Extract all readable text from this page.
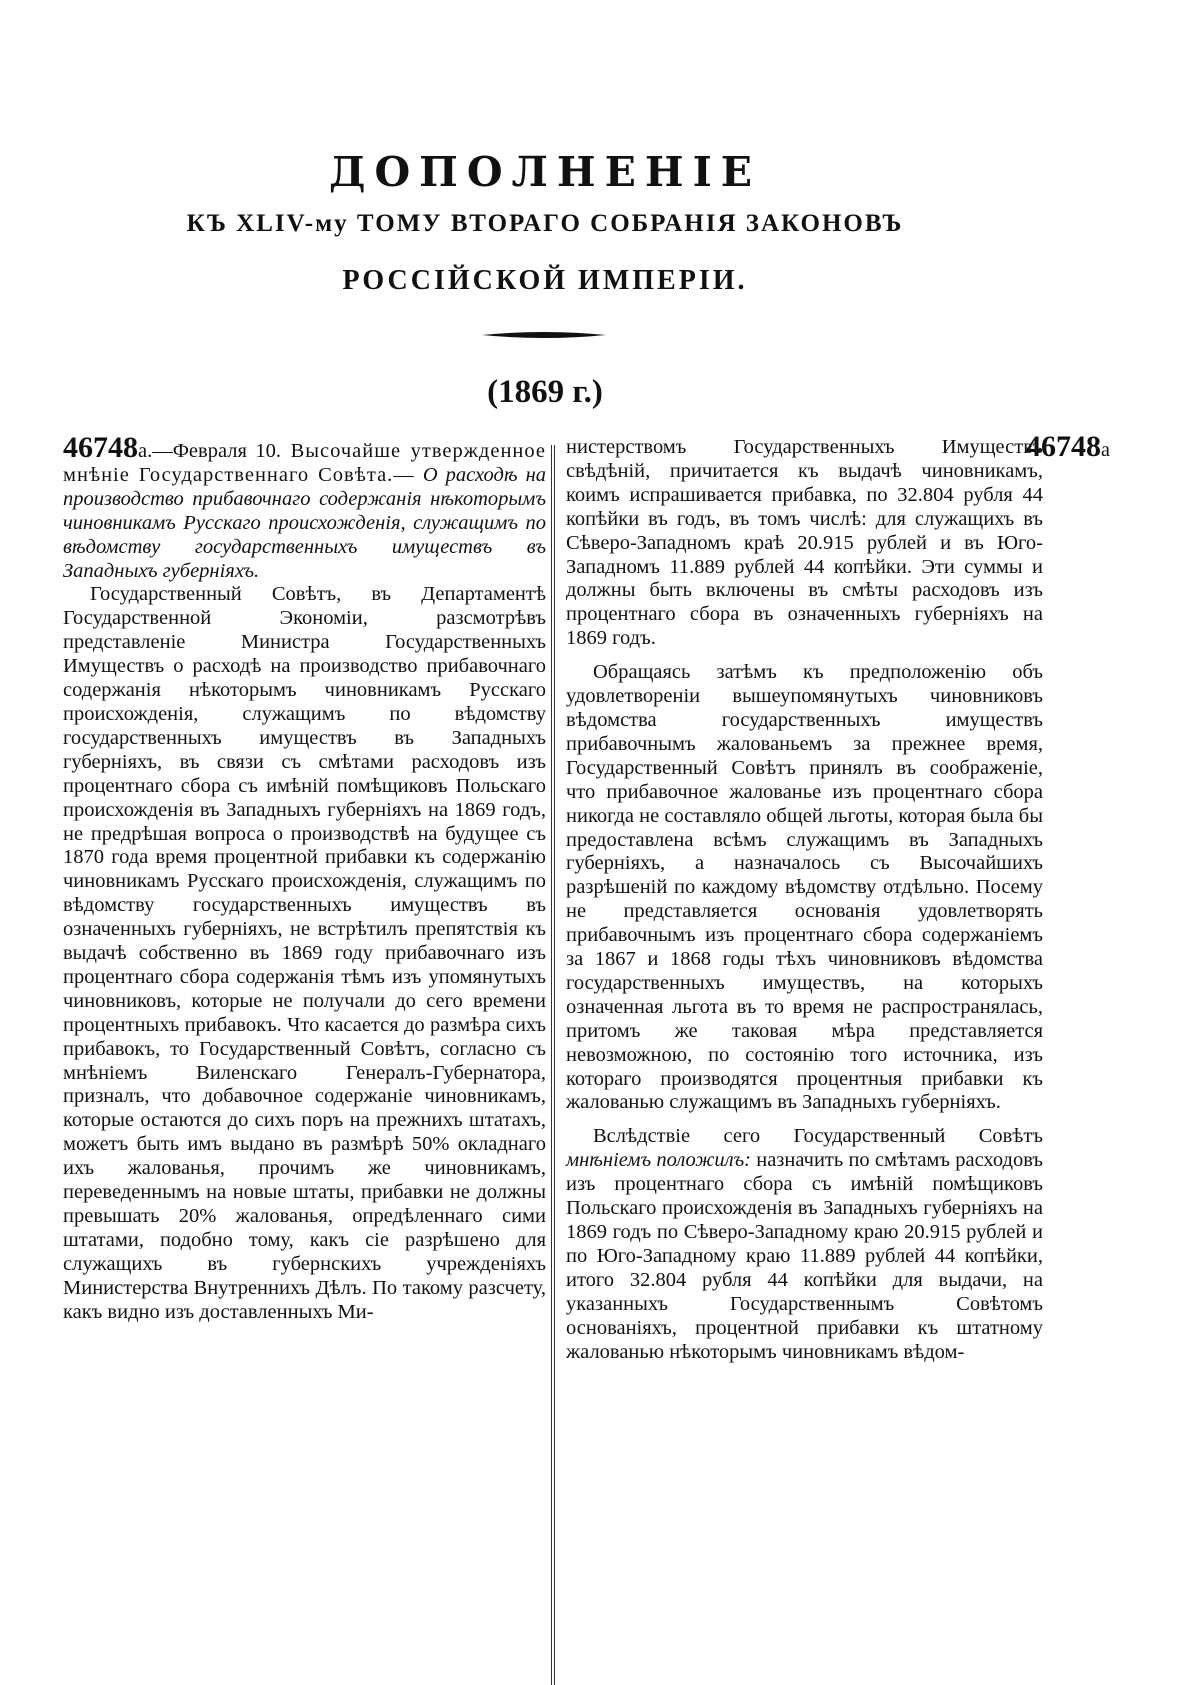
ДОПОЛНЕНІЕ
КЪ XLIV-му ТОМУ ВТОРАГО СОБРАНІЯ ЗАКОНОВЪ
РОССІЙСКОЙ ИМПЕРІИ.
(1869 г.)
46748а

46748а.—Февраля 10. Высочайше утвержденное мнѣніе Государственнаго Совѣта.— О расходѣ на производство прибавочнаго содержанія нѣкоторымъ чиновникамъ Русскаго происхожденія, служащимъ по вѣдомству государственныхъ имуществъ въ Западныхъ губерніяхъ.

Государственный Совѣтъ, въ Департаментѣ Государственной Экономіи, разсмотрѣвъ представленіе Министра Государственныхъ Имуществъ о расходѣ на производство прибавочнаго содержанія нѣкоторымъ чиновникамъ Русскаго происхожденія, служащимъ по вѣдомству государственныхъ имуществъ въ Западныхъ губерніяхъ, въ связи съ смѣтами расходовъ изъ процентнаго сбора съ имѣній помѣщиковъ Польскаго происхожденія въ Западныхъ губерніяхъ на 1869 годъ, не предрѣшая вопроса о производствѣ на будущее съ 1870 года время процентной прибавки къ содержанію чиновникамъ Русскаго происхожденія, служащимъ по вѣдомству государственныхъ имуществъ въ означенныхъ губерніяхъ, не встрѣтилъ препятствія къ выдачѣ собственно въ 1869 году прибавочнаго изъ процентнаго сбора содержанія тѣмъ изъ упомянутыхъ чиновниковъ, которые не получали до сего времени процентныхъ прибавокъ. Что касается до размѣра сихъ прибавокъ, то Государственный Совѣтъ, согласно съ мнѣніемъ Виленскаго Генералъ-Губернатора, призналъ, что добавочное содержаніе чиновникамъ, которые остаются до сихъ поръ на прежнихъ штатахъ, можетъ быть имъ выдано въ размѣрѣ 50% окладнаго ихъ жалованья, прочимъ же чиновникамъ, переведеннымъ на новые штаты, прибавки не должны превышать 20% жалованья, опредѣленнаго сими штатами, подобно тому, какъ сіе разрѣшено для служащихъ въ губернскихъ учрежденіяхъ Министерства Внутреннихъ Дѣлъ. По такому разсчету, какъ видно изъ доставленныхъ Ми-

нистерствомъ Государственныхъ Имуществъ свѣдѣній, причитается къ выдачѣ чиновникамъ, коимъ испрашивается прибавка, по 32.804 рубля 44 копѣйки въ годъ, въ томъ числѣ: для служащихъ въ Сѣверо-Западномъ краѣ 20.915 рублей и въ Юго-Западномъ 11.889 рублей 44 копѣйки. Эти суммы и должны быть включены въ смѣты расходовъ изъ процентнаго сбора въ означенныхъ губерніяхъ на 1869 годъ.

Обращаясь затѣмъ къ предположенію объ удовлетвореніи вышеупомянутыхъ чиновниковъ вѣдомства государственныхъ имуществъ прибавочнымъ жалованьемъ за прежнее время, Государственный Совѣтъ принялъ въ соображеніе, что прибавочное жалованье изъ процентнаго сбора никогда не составляло общей льготы, которая была бы предоставлена всѣмъ служащимъ въ Западныхъ губерніяхъ, а назначалось съ Высочайшихъ разрѣшеній по каждому вѣдомству отдѣльно. Посему не представляется основанія удовлетворять прибавочнымъ изъ процентнаго сбора содержаніемъ за 1867 и 1868 годы тѣхъ чиновниковъ вѣдомства государственныхъ имуществъ, на которыхъ означенная льгота въ то время не распространялась, притомъ же таковая мѣра представляется невозможною, по состоянію того источника, изъ котораго производятся процентныя прибавки къ жалованью служащимъ въ Западныхъ губерніяхъ.

Вслѣдствіе сего Государственный Совѣтъ мнѣніемъ положилъ: назначить по смѣтамъ расходовъ изъ процентнаго сбора съ имѣній помѣщиковъ Польскаго происхожденія въ Западныхъ губерніяхъ на 1869 годъ по Сѣверо-Западному краю 20.915 рублей и по Юго-Западному краю 11.889 рублей 44 копѣйки, итого 32.804 рубля 44 копѣйки для выдачи, на указанныхъ Государственнымъ Совѣтомъ основаніяхъ, процентной прибавки къ штатному жалованью нѣкоторымъ чиновникамъ вѣдом-
